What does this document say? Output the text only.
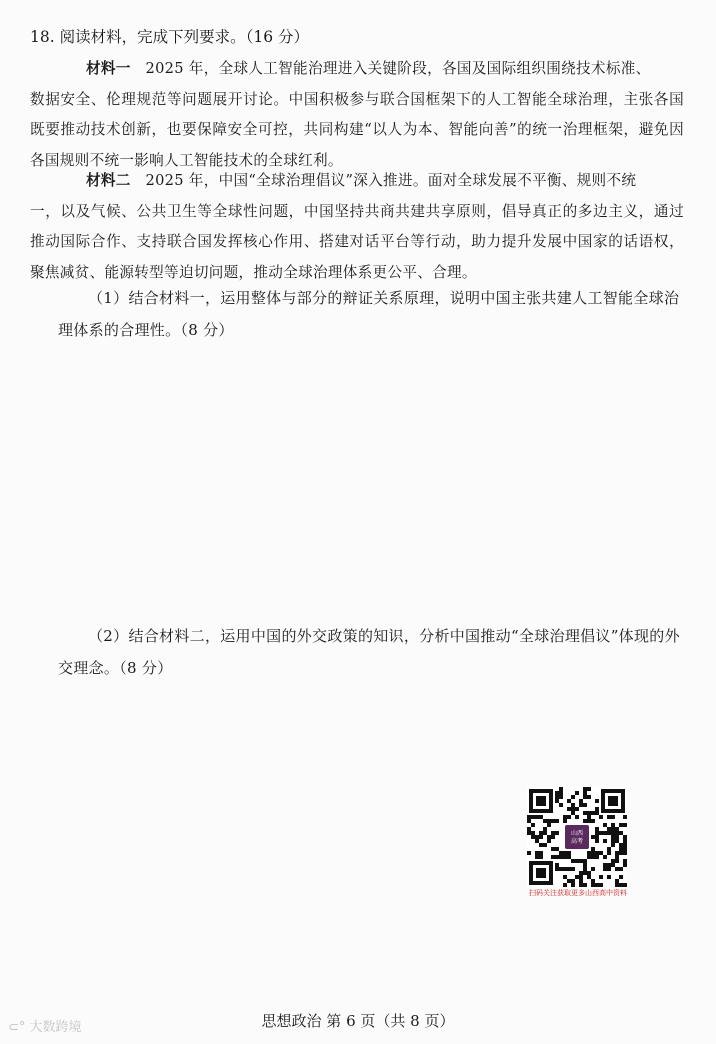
18. 阅读材料，完成下列要求。（16 分）
材料一 2025 年，全球人工智能治理进入关键阶段，各国及国际组织围绕技术标准、
数据安全、伦理规范等问题展开讨论。中国积极参与联合国框架下的人工智能全球治理，主张各国既要推动技术创新，也要保障安全可控，共同构建“以人为本、智能向善”的统一治理框架，避免因各国规则不统一影响人工智能技术的全球红利。
材料二 2025 年，中国“全球治理倡议”深入推进。面对全球发展不平衡、规则不统
一，以及气候、公共卫生等全球性问题，中国坚持共商共建共享原则，倡导真正的多边主义，通过推动国际合作、支持联合国发挥核心作用、搭建对话平台等行动，助力提升发展中国家的话语权，聚焦减贫、能源转型等迫切问题，推动全球治理体系更公平、合理。
（1）结合材料一，运用整体与部分的辩证关系原理，说明中国主张共建人工智能全球治理体系的合理性。（8 分）
（2）结合材料二，运用中国的外交政策的知识，分析中国推动“全球治理倡议”体现的外交理念。（8 分）
山西
高考
扫码关注获取更多山西高中资料
思想政治 第 6 页（共 8 页）
⊂° 大数跨境
